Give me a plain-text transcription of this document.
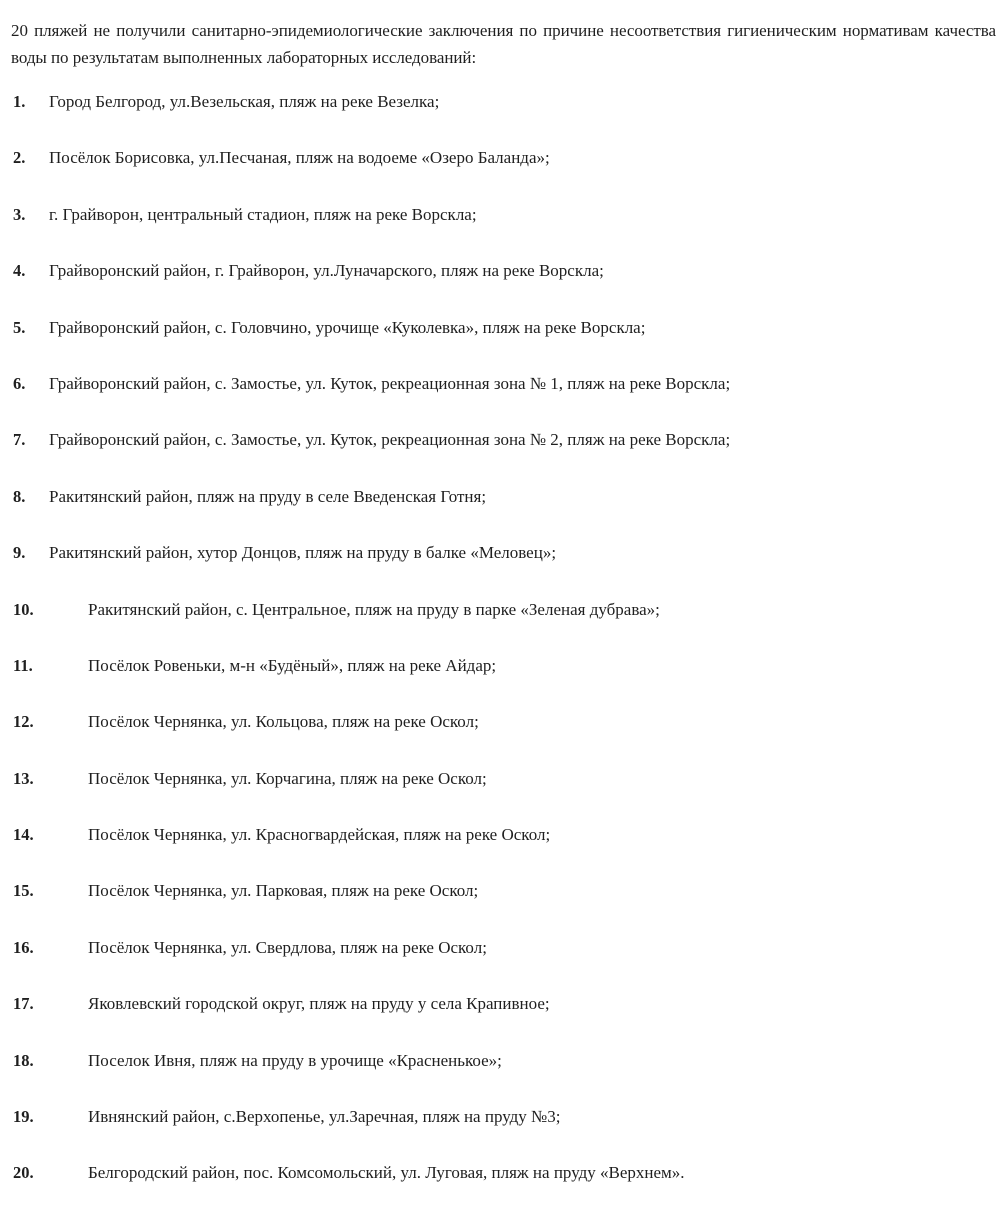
20 пляжей не получили санитарно-эпидемиологические заключения по причине несоответствия гигиеническим нормативам качества воды по результатам выполненных лабораторных исследований:

1. Город Белгород, ул.Везельская, пляж на реке Везелка;
2. Посёлок Борисовка, ул.Песчаная, пляж на водоеме «Озеро Баланда»;
3. г. Грайворон, центральный стадион, пляж на реке Ворскла;
4. Грайворонский район, г. Грайворон, ул.Луначарского, пляж на реке Ворскла;
5. Грайворонский район, с. Головчино, урочище «Куколевка», пляж на реке Ворскла;
6. Грайворонский район, с. Замостье, ул. Куток, рекреационная зона № 1, пляж на реке Ворскла;
7. Грайворонский район, с. Замостье, ул. Куток, рекреационная зона № 2, пляж на реке Ворскла;
8. Ракитянский район, пляж на пруду в селе Введенская Готня;
9. Ракитянский район, хутор Донцов, пляж на пруду в балке «Меловец»;
10.	Ракитянский район, с. Центральное, пляж на пруду в парке «Зеленая дубрава»;
11.	Посёлок Ровеньки, м-н «Будёный», пляж на реке Айдар;
12.	Посёлок Чернянка, ул. Кольцова, пляж на реке Оскол;
13.	Посёлок Чернянка, ул. Корчагина, пляж на реке Оскол;
14.	Посёлок Чернянка, ул. Красногвардейская, пляж на реке Оскол;
15.	Посёлок Чернянка, ул. Парковая, пляж на реке Оскол;
16.	Посёлок Чернянка, ул. Свердлова, пляж на реке Оскол;
17.	Яковлевский городской округ, пляж на пруду у села Крапивное;
18.	Поселок Ивня, пляж на пруду в урочище «Красненькое»;
19.	Ивнянский район, с.Верхопенье, ул.Заречная, пляж на пруду №3;
20.	Белгородский район, пос. Комсомольский, ул. Луговая, пляж на пруду «Верхнем».
